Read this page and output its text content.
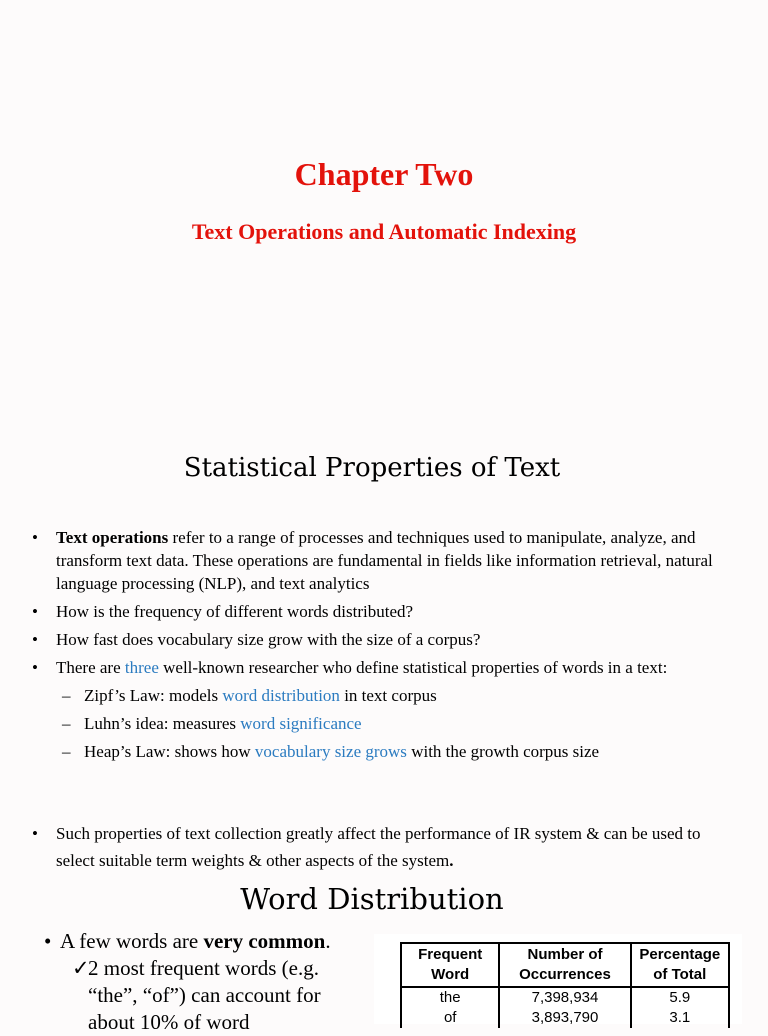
Chapter Two
Text Operations and Automatic Indexing
Statistical Properties of Text
• Text operations refer to a range of processes and techniques used to manipulate, analyze, and transform text data. These operations are fundamental in fields like information retrieval, natural language processing (NLP), and text analytics
• How is the frequency of different words distributed?
• How fast does vocabulary size grow with the size of a corpus?
• There are three well-known researcher who define statistical properties of words in a text:
– Zipf’s Law: models word distribution in text corpus
– Luhn’s idea: measures word significance
– Heap’s Law: shows how vocabulary size grows with the growth corpus size
• Such properties of text collection greatly affect the performance of IR system & can be used to select suitable term weights & other aspects of the system.
Word Distribution
• A few words are very common.
✓
2 most frequent words (e.g. “the”, “of”) can account for about 10% of word
Frequent Word	Number of Occurrences	Percentage of Total
the	7,398,934	5.9
of	3,893,790	3.1
